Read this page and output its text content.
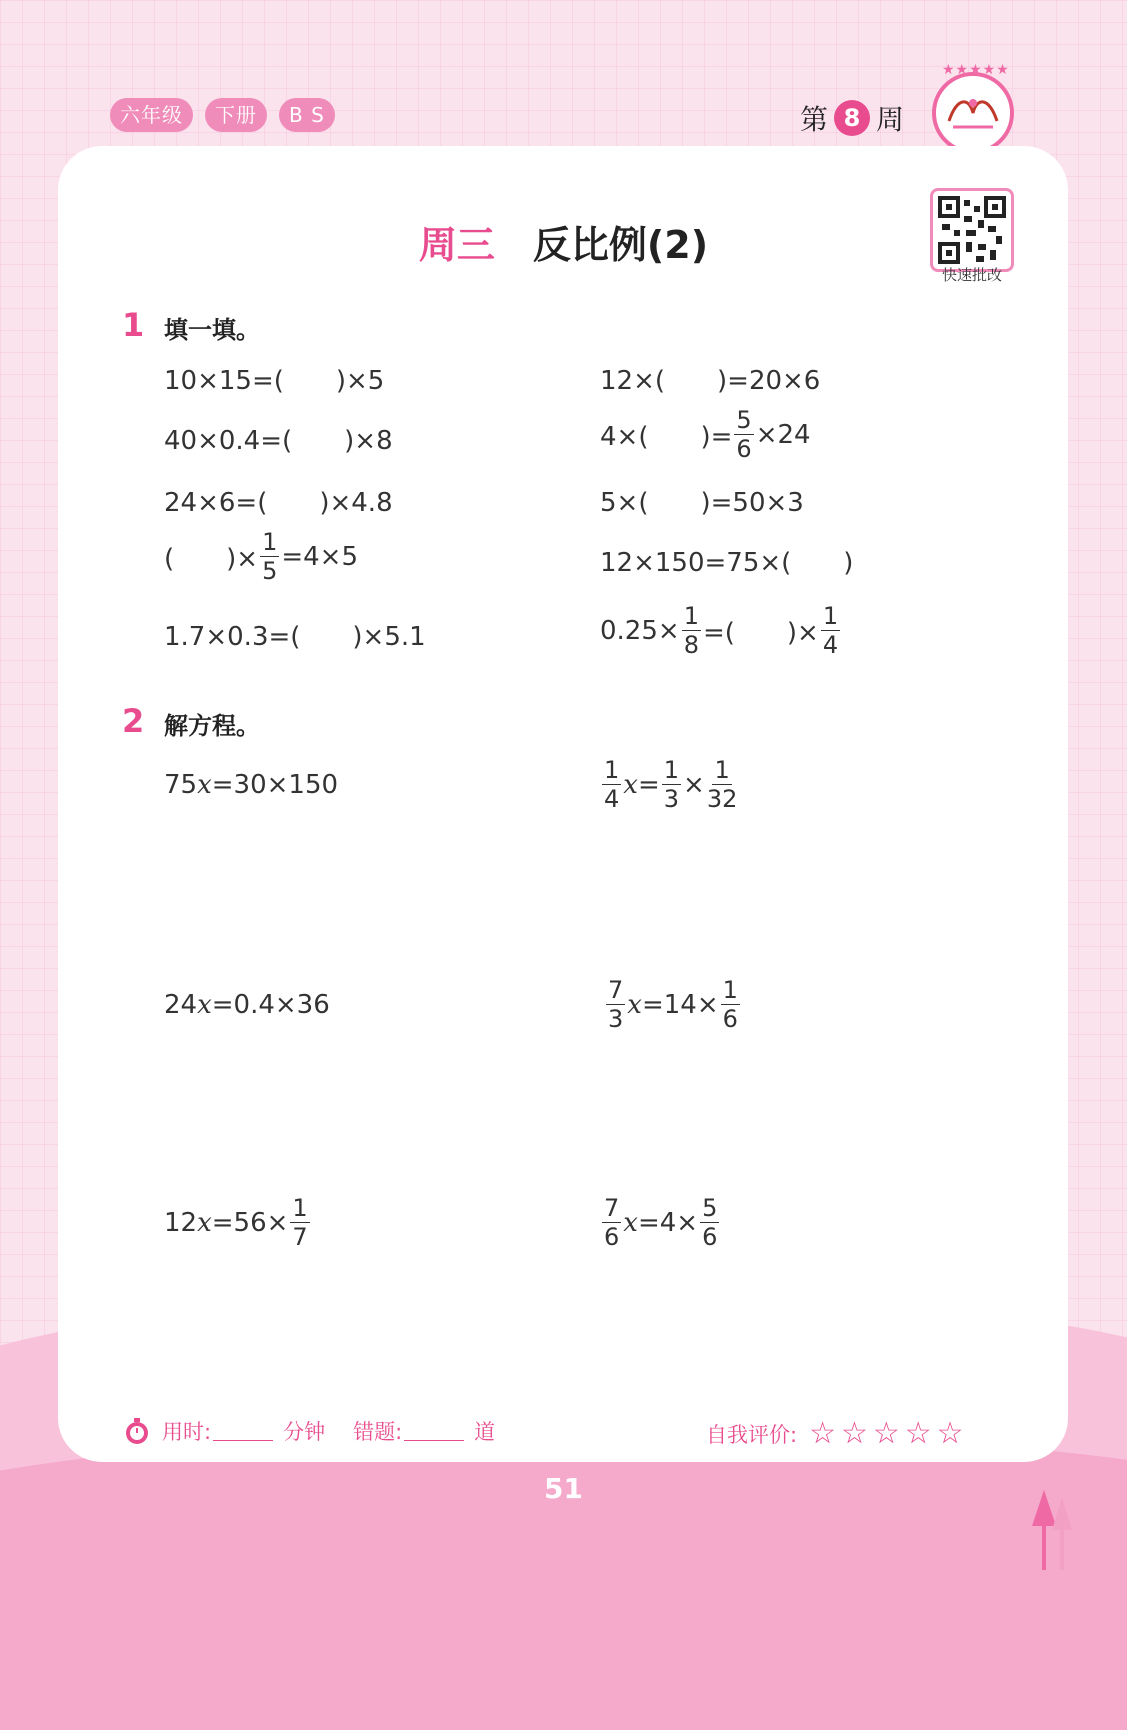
六年级	下册	B S	第 8 周
★★★★★
快速批改
周三 反比例(2)
1 填一填。
10×15=(　　)×5	12×(　　)=20×6
40×0.4=(　　)×8	4×(　　)= $\frac{5}{6} \times 24$
24×6=(　　)×4.8	5×(　　)=50×3
(　　)× $\frac{1}{5} =4\times 5$	12×150=75×(　　)
1.7×0.3=(　　)×5.1	$0.25\times \frac{1}{8}$ =(　　)× $\frac{1}{4}$
2 解方程。
75 x =30×150	$\frac{1}{4}$ $x = \frac{1}{3} \times \frac{1}{32}$
24 x =0.4×36	$\frac{7}{3}$ $x =14\times \frac{1}{6}$
12 $x =56\times \frac{1}{7}$	$\frac{7}{6}$ $x =4\times \frac{5}{6}$
用时:	分钟 错题:	道	自我评价: ☆☆☆☆☆
51
